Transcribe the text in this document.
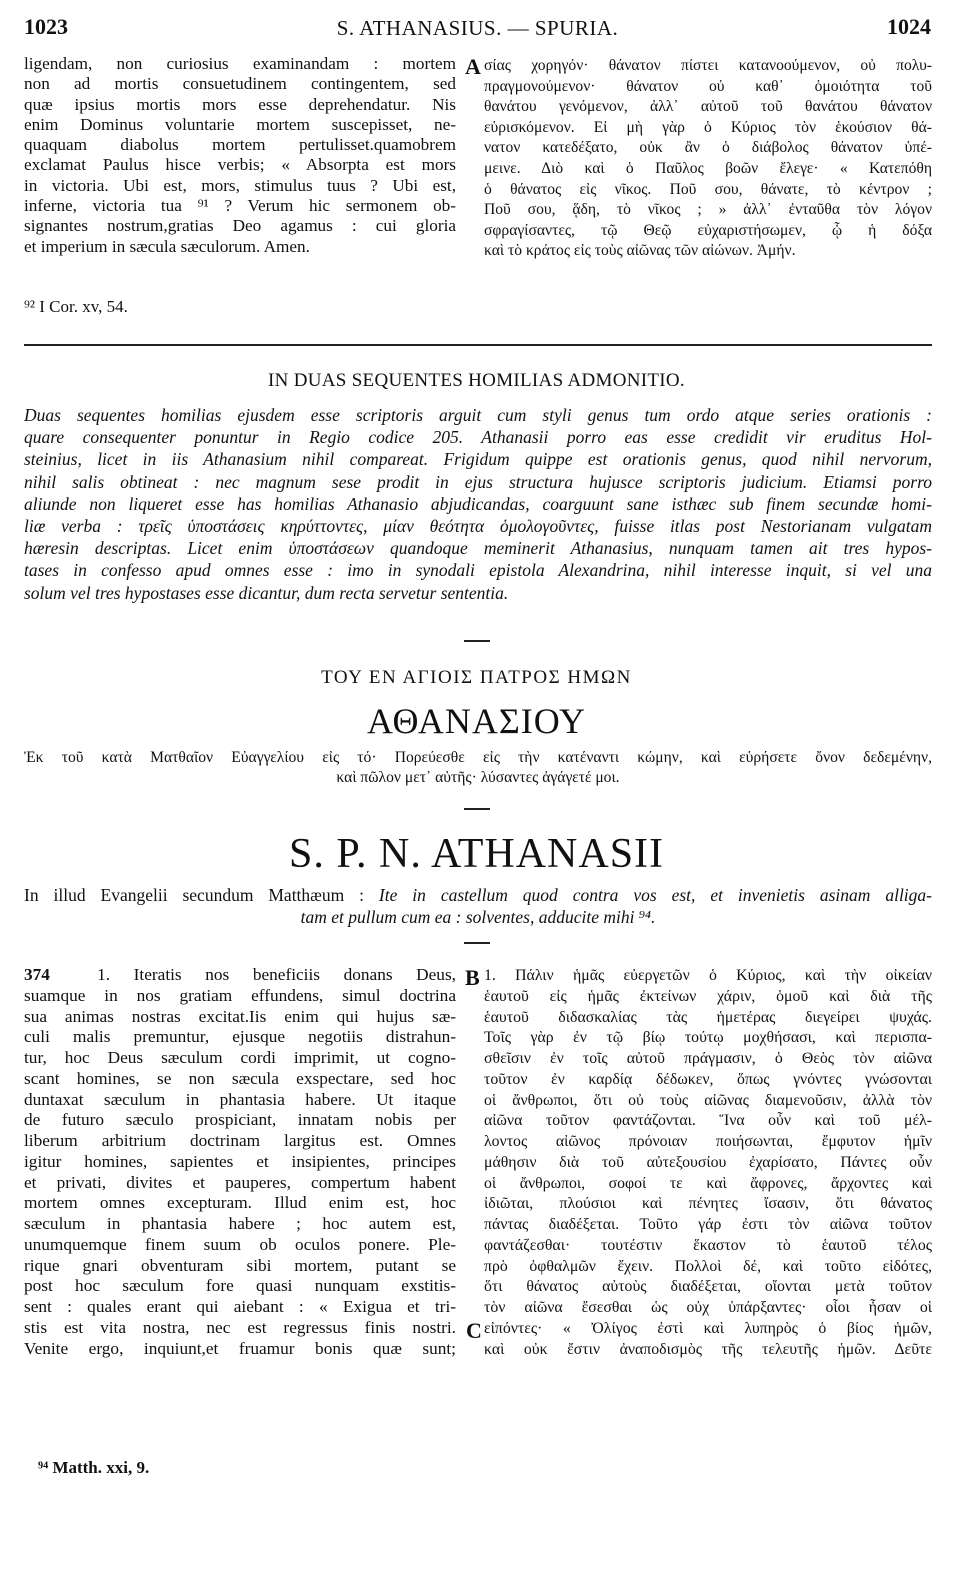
1023	S. ATHANASIUS. — SPURIA.	1024
A
B
C
ligendam, non curiosius examinandam : mortem
non ad mortis consuetudinem contingentem, sed
quæ ipsius mortis mors esse deprehendatur. Nis
enim Dominus voluntarie mortem suscepisset, ne-
quaquam diabolus mortem pertulisset.quamobrem
exclamat Paulus hisce verbis; « Absorpta est mors
in victoria. Ubi est, mors, stimulus tuus ? Ubi est,
inferne, victoria tua ⁹¹ ? Verum hic sermonem ob-
signantes nostrum,gratias Deo agamus : cui gloria
et imperium in sæcula sæculorum. Amen.
⁹² I Cor. xv, 54.
σίας χορηγόν· θάνατον πίστει κατανοούμενον, οὐ πολυ-
πραγμονούμενον· θάνατον οὐ καθ᾽ ὁμοιότητα τοῦ
θανάτου γενόμενον, ἀλλ᾽ αὐτοῦ τοῦ θανάτου θάνατον
εὑρισκόμενον. Εἰ μὴ γὰρ ὁ Κύριος τὸν ἑκούσιον θά-
νατον κατεδέξατο, οὐκ ἂν ὁ διάβολος θάνατον ὑπέ-
μεινε. Διὸ καὶ ὁ Παῦλος βοῶν ἔλεγε· « Κατεπόθη
ὁ θάνατος εἰς νῖκος. Ποῦ σου, θάνατε, τὸ κέντρον ;
Ποῦ σου, ᾅδη, τὸ νῖκος ; » ἀλλ᾽ ἐνταῦθα τὸν λόγον
σφραγίσαντες, τῷ Θεῷ εὐχαριστήσωμεν, ᾧ ἡ δόξα
καὶ τὸ κράτος εἰς τοὺς αἰῶνας τῶν αἰώνων. Ἀμήν.
IN DUAS SEQUENTES HOMILIAS ADMONITIO.
Duas sequentes homilias ejusdem esse scriptoris arguit cum styli genus tum ordo atque series orationis :
quare consequenter ponuntur in Regio codice 205. Athanasii porro eas esse credidit vir eruditus Hol-
steinius, licet in iis Athanasium nihil compareat. Frigidum quippe est orationis genus, quod nihil nervorum,
nihil salis obtineat : nec magnum sese prodit in ejus structura hujusce scriptoris judicium. Etiamsi porro
aliunde non liqueret esse has homilias Athanasio abjudicandas, coarguunt sane isthæc sub finem secundæ homi-
liæ verba : τρεῖς ὑποστάσεις κηρύττοντες, μίαν θεότητα ὁμολογοῦντες, fuisse itlas post Nestorianam vulgatam
hæresin descriptas. Licet enim ὑποστάσεων quandoque meminerit Athanasius, nunquam tamen ait tres hypos-
tases in confesso apud omnes esse : imo in synodali epistola Alexandrina, nihil interesse inquit, si vel una
solum vel tres hypostases esse dicantur, dum recta servetur sententia.
ΤΟΥ ΕΝ ΑΓΙΟΙΣ ΠΑΤΡΟΣ ΗΜΩΝ
ΑΘΑΝΑΣΙΟΥ
Ἐκ τοῦ κατὰ Ματθαῖον Εὐαγγελίου εἰς τό· Πορεύεσθε εἰς τὴν κατέναντι κώμην, καὶ εὑρήσετε ὄνον δεδεμένην,
καὶ πῶλον μετ᾽ αὐτῆς· λύσαντες ἀγάγετέ μοι.
S. P. N. ATHANASII
In illud Evangelii secundum Matthæum : Ite in castellum quod contra vos est, et invenietis asinam alliga-
tam et pullum cum ea : solventes, adducite mihi ⁹⁴.
374	1. Iteratis nos beneficiis donans Deus,
suamque in nos gratiam effundens, simul doctrina
sua animas nostras excitat.Iis enim qui hujus sæ-
culi malis premuntur, ejusque negotiis distrahun-
tur, hoc Deus sæculum cordi imprimit, ut cogno-
scant homines, se non sæcula exspectare, sed hoc
duntaxat sæculum in phantasia habere. Ut itaque
de futuro sæculo prospiciant, innatam nobis per
liberum arbitrium doctrinam largitus est. Omnes
igitur homines, sapientes et insipientes, principes
et privati, divites et pauperes, compertum habent
mortem omnes excepturam. Illud enim est, hoc
sæculum in phantasia habere ; hoc autem est,
unumquemque finem suum ob oculos ponere. Ple-
rique gnari obventuram sibi mortem, putant se
post hoc sæculum fore quasi nunquam exstitis-
sent : quales erant qui aiebant : « Exigua et tri-
stis est vita nostra, nec est regressus finis nostri.
Venite ergo, inquiunt,et fruamur bonis quæ sunt;
⁹⁴ Matth. xxi, 9.
1. Πάλιν ἡμᾶς εὐεργετῶν ὁ Κύριος, καὶ τὴν οἰκείαν
ἑαυτοῦ εἰς ἡμᾶς ἐκτείνων χάριν, ὁμοῦ καὶ διὰ τῆς
ἑαυτοῦ διδασκαλίας τὰς ἡμετέρας διεγείρει ψυχάς.
Τοῖς γὰρ ἐν τῷ βίῳ τούτῳ μοχθήσασι, καὶ περισπα-
σθεῖσιν ἐν τοῖς αὐτοῦ πράγμασιν, ὁ Θεὸς τὸν αἰῶνα
τοῦτον ἐν καρδίᾳ δέδωκεν, ὅπως γνόντες γνώσονται
οἱ ἄνθρωποι, ὅτι οὐ τοὺς αἰῶνας διαμενοῦσιν, ἀλλὰ τὸν
αἰῶνα τοῦτον φαντάζονται. Ἵνα οὖν καὶ τοῦ μέλ-
λοντος αἰῶνος πρόνοιαν ποιήσωνται, ἔμφυτον ἡμῖν
μάθησιν διὰ τοῦ αὐτεξουσίου ἐχαρίσατο, Πάντες οὖν
οἱ ἄνθρωποι, σοφοί τε καὶ ἄφρονες, ἄρχοντες καὶ
ἰδιῶται, πλούσιοι καὶ πένητες ἴσασιν, ὅτι θάνατος
πάντας διαδέξεται. Τοῦτο γάρ ἐστι τὸν αἰῶνα τοῦτον
φαντάζεσθαι· τουτέστιν ἕκαστον τὸ ἑαυτοῦ τέλος
πρὸ ὀφθαλμῶν ἔχειν. Πολλοὶ δέ, καὶ τοῦτο εἰδότες,
ὅτι θάνατος αὐτοὺς διαδέξεται, οἴονται μετὰ τοῦτον
τὸν αἰῶνα ἔσεσθαι ὡς οὐχ ὑπάρξαντες· οἷοι ἦσαν οἱ
εἰπόντες· « Ὀλίγος ἐστὶ καὶ λυπηρὸς ὁ βίος ἡμῶν,
καὶ οὐκ ἔστιν ἀναποδισμὸς τῆς τελευτῆς ἡμῶν. Δεῦτε
